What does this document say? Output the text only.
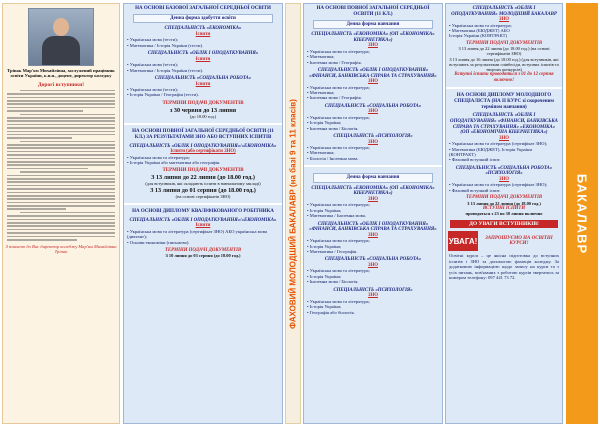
Тріпак Мар'ям Михайлівна, заслужений працівник освіти України, к.п.н., доцент, директор коледжу
Дорогі вступники!
З повагою до Вас директор коледжу Мар'ям Михайлівна Тріпак
НА ОСНОВІ БАЗОВОЇ ЗАГАЛЬНОЇ СЕРЕДНЬОЇ ОСВІТИ
Денна форма здобуття освіти
СПЕЦІАЛЬНІСТЬ «ЕКОНОМІКА»
Іспити
• Українська мова (тести);
• Математика / Історія України (тести).
СПЕЦІАЛЬНІСТЬ «ОБЛІК І ОПОДАТКУВАННЯ»
Іспити
• Українська мова (тести);
• Математика / Історія України (тести).
СПЕЦІАЛЬНІСТЬ «СОЦІАЛЬНА РОБОТА»
Іспити
• Українська мова (тести);
• Історія України / Географія (тести).
ТЕРМІНИ ПОДАЧІ ДОКУМЕНТІВ
з 30 червня до 13 липня
(до 18.00 год.)
НА ОСНОВІ ПОВНОЇ ЗАГАЛЬНОЇ СЕРЕДНЬОЇ ОСВІТИ (11 КЛ.) ЗА РЕЗУЛЬТАТАМИ ЗНО АБО ВСТУПНИХ ІСПИТІВ
СПЕЦІАЛЬНІСТЬ «ОБЛІК І ОПОДАТКУВАННЯ»/«ЕКОНОМІКА»
Іспити (або сертифікати ЗНО)
• Українська мова та література;
• Історія України або математика або географія.
ТЕРМІНИ ПОДАЧІ ДОКУМЕНТІВ
З 13 липня до 22 липня (до 18.00 год.)
(для вступників, які складають іспити в навчальному закладі)
З 13 липня до 01 серпня (до 18.00 год.)
(на основі сертифікатів ЗНО)
НА ОСНОВІ ДИПЛОМУ КВАЛІФІКОВАНОГО РОБІТНИКА
СПЕЦІАЛЬНІСТЬ «ОБЛІК І ОПОДАТКУВАННЯ»/«ЕКОНОМІКА»
Іспити
• Українська мова та література (сертифікат ЗНО) АБО українська мова (диктант);
• Основи економіки (письмово).
ТЕРМІНИ ПОДАЧІ ДОКУМЕНТІВ
З 10 липня до 03 серпня (до 18.00 год.)	ФАХОВИЙ МОЛОДШИЙ БАКАЛАВР (на базі 9 та 11 класів)
НА ОСНОВІ ПОВНОЇ ЗАГАЛЬНОЇ СЕРЕДНЬОЇ ОСВІТИ (11 КЛ.)
Денна форма навчання
СПЕЦІАЛЬНІСТЬ «ЕКОНОМІКА» (ОП «ЕКОНОМІКА» КІБЕРНЕТИКА»)
ЗНО
• Українська мова та література;
• Математика;
• Іноземна мова / Географія.
СПЕЦІАЛЬНІСТЬ «ОБЛІК І ОПОДАТКУВАННЯ» «ФІНАНСИ, БАНКІВСЬКА СПРАВА ТА СТРАХУВАННЯ»
ЗНО
• Українська мова та література;
• Математика;
• Іноземна мова / Географія.
СПЕЦІАЛЬНІСТЬ «СОЦІАЛЬНА РОБОТА»
ЗНО
• Українська мова та література;
• Історія України;
• Іноземна мова / Біологія.
СПЕЦІАЛЬНІСТЬ «ПСИХОЛОГІЯ»
ЗНО
• Українська мова та література;
• Математика;
• Біологія / Іноземна мова.
Денна форма навчання
СПЕЦІАЛЬНІСТЬ «ЕКОНОМІКА» (ОП «ЕКОНОМІКА» КІБЕРНЕТИКА»)
ЗНО
• Українська мова та література;
• Історія України;
• Математика / Іноземна мова.
СПЕЦІАЛЬНІСТЬ «ОБЛІК І ОПОДАТКУВАННЯ» «ФІНАНСИ, БАНКІВСЬКА СПРАВА ТА СТРАХУВАННЯ»
ЗНО
• Українська мова та література;
• Історія України;
• Математика / Географія.
СПЕЦІАЛЬНІСТЬ «СОЦІАЛЬНА РОБОТА»
ЗНО
• Українська мова та література;
• Історія України;
• Іноземна мова / Біологія.
СПЕЦІАЛЬНІСТЬ «ПСИХОЛОГІЯ»
ЗНО
• Українська мова та література;
• Історія України;
• Географія або біологія.
СПЕЦІАЛЬНІСТЬ «ОБЛІК І ОПОДАТКУВАННЯ» МОЛОДШИЙ БАКАЛАВР
ЗНО
• Українська мова та література;
• Математика (БЮДЖЕТ) АБО
Історія України (КОНТРАКТ)
ТЕРМІНИ ПОДАЧІ ДОКУМЕНТІВ
З 13 липня до 22 липня (до 18.00 год.) (на основі сертифікатів ЗНО)
З 13 липня до 16 липня (до 18.00 год.) (для вступників, які вступають за результатами співбесіди, вступних іспитів та творчих конкурсів)
Вступні іспити проводяться з 01 до 12 серпня включно!
НА ОСНОВІ ДИПЛОМУ МОЛОДШОГО СПЕЦІАЛІСТА (НА II КУРС зі скороченим терміном навчання)
СПЕЦІАЛЬНІСТЬ «ОБЛІК І ОПОДАТКУВАННЯ» «ФІНАНСИ, БАНКІВСЬКА СПРАВА ТА СТРАХУВАННЯ» «ЕКОНОМІКА» (ОП «ЕКОНОМІЧНА КІБЕРНЕТИКА»)
ЗНО
• Українська мова та література (сертифікат ЗНО);
• Математика (БЮДЖЕТ), Історія України (КОНТРАКТ)
• Фаховий вступний іспит.
СПЕЦІАЛЬНІСТЬ «СОЦІАЛЬНА РОБОТА» «ПСИХОЛОГІЯ»
ЗНО
• Українська мова та література (сертифікат ЗНО);
• Фаховий вступний іспит.
ТЕРМІНИ ПОДАЧІ ДОКУМЕНТІВ
З 13 липня до 22 липня (до 18.00 год.)
ВСТУПНІ ІСПИТИ
проводяться з 23 по 30 липня включно
ДО УВАГИ ВСТУПНИКІВ!
УВАГА!	ЗАПРОШУЄМО НА ОСВІТНІ КУРСИ!
Освітні курси – це якісна підготовка до вступних іспитів і ЗНО за допомогою фахівців коледжу. За додатковою інформацією щодо запису на курси та з усіх питань, пов'язаних з роботою курсів звертатись за номером телефону: 097 441 73 72.
БАКАЛАВР
